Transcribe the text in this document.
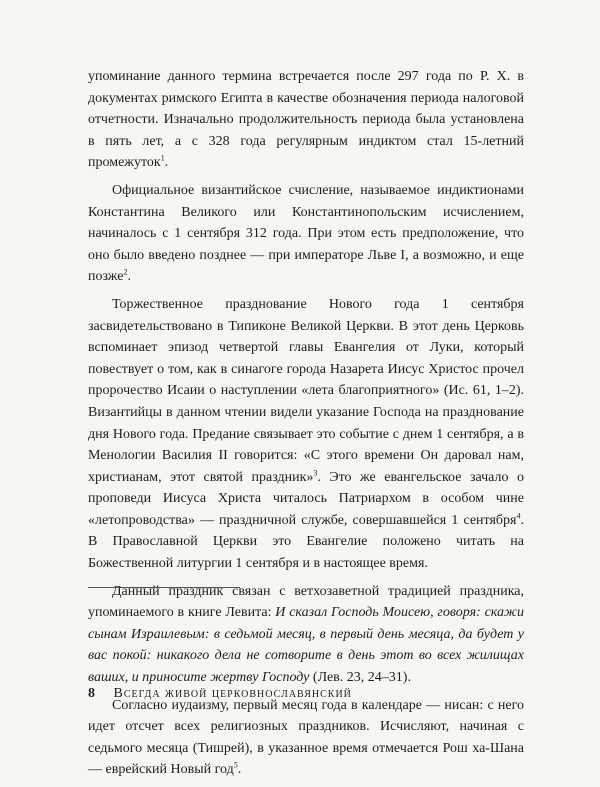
упоминание данного термина встречается после 297 года по Р. Х. в документах римского Египта в качестве обозначения периода налоговой отчетности. Изначально продолжительность периода была установлена в пять лет, а с 328 года регулярным индиктом стал 15-летний промежуток$^1$.

Официальное византийское счисление, называемое индиктионами Константина Великого или Константинопольским исчислением, начиналось с 1 сентября 312 года. При этом есть предположение, что оно было введено позднее — при императоре Льве I, а возможно, и еще позже$^2$.

Торжественное празднование Нового года 1 сентября засвидетельствовано в Типиконе Великой Церкви. В этот день Церковь вспоминает эпизод четвертой главы Евангелия от Луки, который повествует о том, как в синагоге города Назарета Иисус Христос прочел пророчество Исаии о наступлении «лета благоприятного» (Ис. 61, 1–2). Византийцы в данном чтении видели указание Господа на празднование дня Нового года. Предание связывает это событие с днем 1 сентября, а в Менологии Василия II говорится: «С этого времени Он даровал нам, христианам, этот святой праздник»$^3$. Это же евангельское зачало о проповеди Иисуса Христа читалось Патриархом в особом чине «летопроводства» — праздничной службе, совершавшейся 1 сентября$^4$. В Православной Церкви это Евангелие положено читать на Божественной литургии 1 сентября и в настоящее время.

Данный праздник связан с ветхозаветной традицией праздника, упоминаемого в книге Левита: И сказал Господь Моисею, говоря: скажи сынам Израилевым: в седьмой месяц, в первый день месяца, да будет у вас покой: никакого дела не сотворите в день этот во всех жилищах ваших, и приносите жертву Господу (Лев. 23, 24–31).

Согласно иудаизму, первый месяц года в календаре — нисан: с него идет отсчет всех религиозных праздников. Исчисляют, начиная с седьмого месяца (Тишрей), в указанное время отмечается Рош ха-Шана — еврейский Новый год$^5$.

8 Всегда живой церковнославянский
